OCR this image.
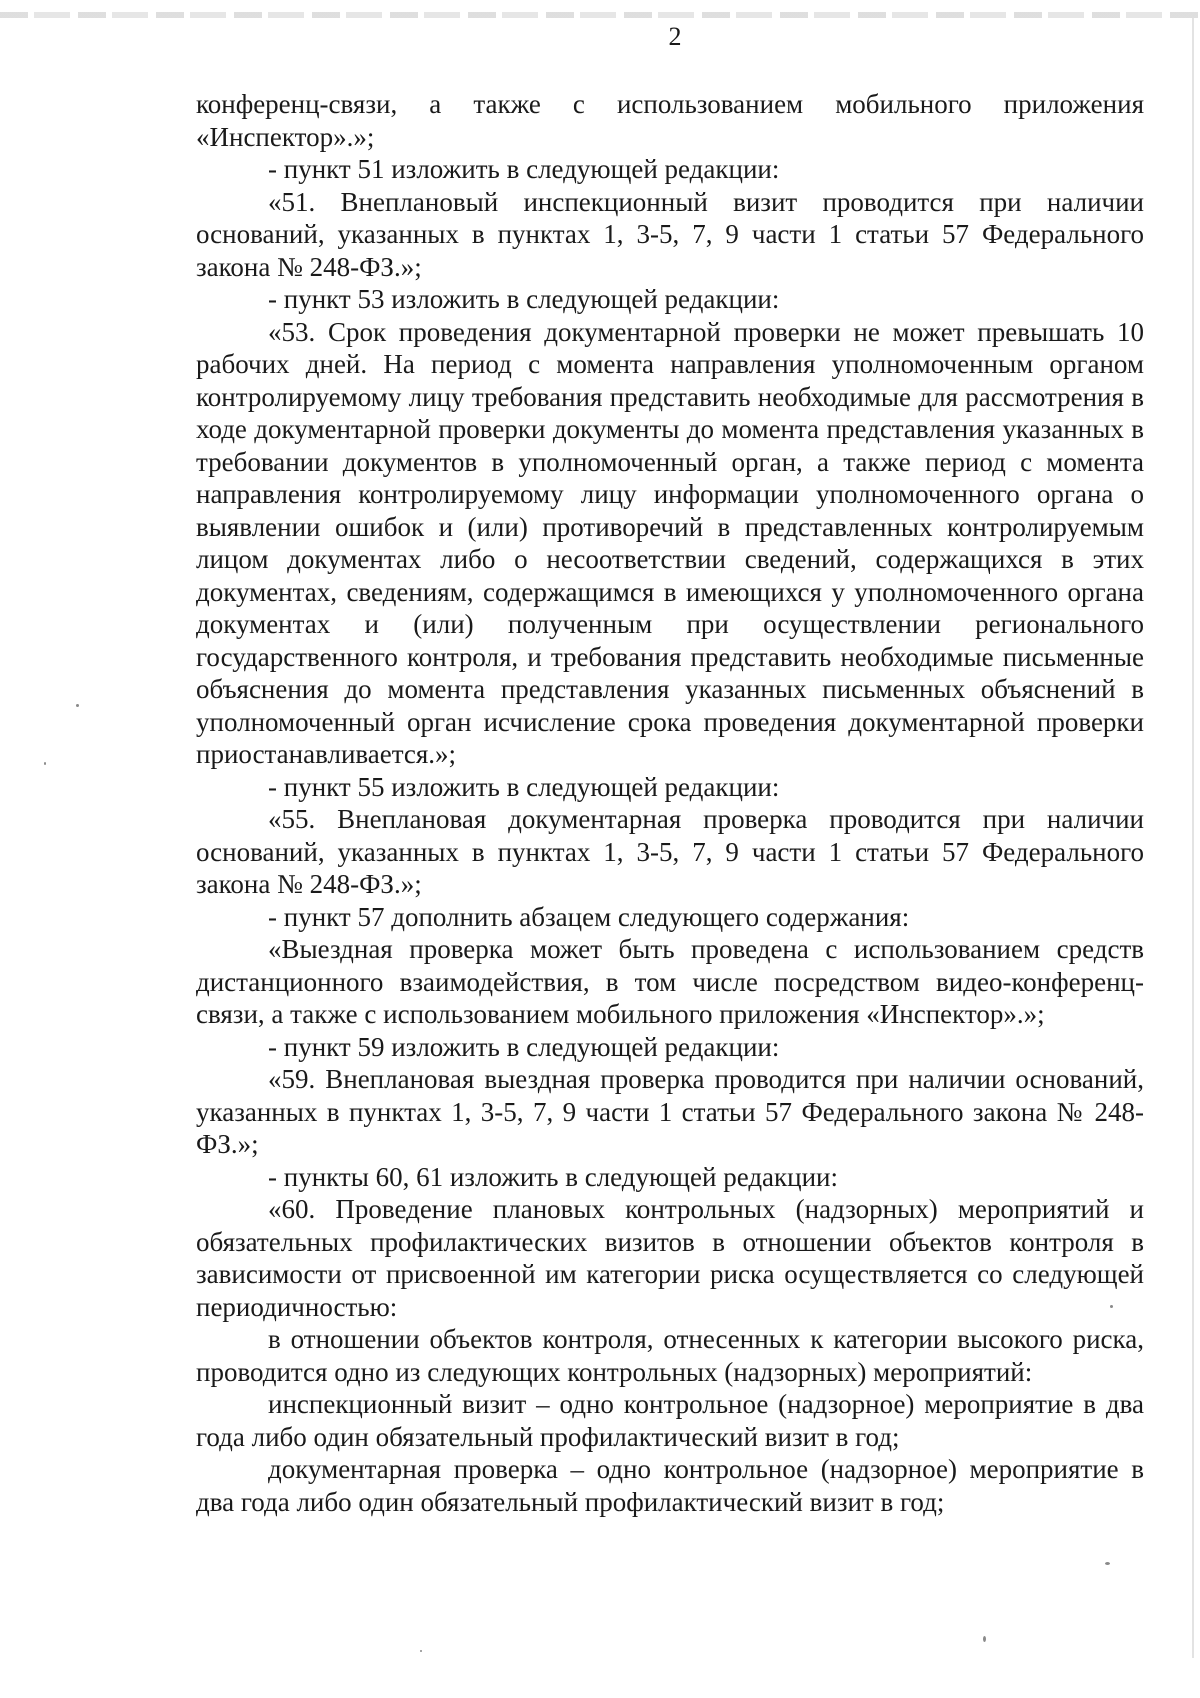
2

конференц-связи, а также с использованием мобильного приложения «Инспектор».»;

- пункт 51 изложить в следующей редакции:

«51. Внеплановый инспекционный визит проводится при наличии оснований, указанных в пунктах 1, 3-5, 7, 9 части 1 статьи 57 Федерального закона № 248-ФЗ.»;

- пункт 53 изложить в следующей редакции:

«53. Срок проведения документарной проверки не может превышать 10 рабочих дней. На период с момента направления уполномоченным органом контролируемому лицу требования представить необходимые для рассмотрения в ходе документарной проверки документы до момента представления указанных в требовании документов в уполномоченный орган, а также период с момента направления контролируемому лицу информации уполномоченного органа о выявлении ошибок и (или) противоречий в представленных контролируемым лицом документах либо о несоответствии сведений, содержащихся в этих документах, сведениям, содержащимся в имеющихся у уполномоченного органа документах и (или) полученным при осуществлении регионального государственного контроля, и требования представить необходимые письменные объяснения до момента представления указанных письменных объяснений в уполномоченный орган исчисление срока проведения документарной проверки приостанавливается.»;

- пункт 55 изложить в следующей редакции:

«55. Внеплановая документарная проверка проводится при наличии оснований, указанных в пунктах 1, 3-5, 7, 9 части 1 статьи 57 Федерального закона № 248-ФЗ.»;

- пункт 57 дополнить абзацем следующего содержания:

«Выездная проверка может быть проведена с использованием средств дистанционного взаимодействия, в том числе посредством видео-конференц-связи, а также с использованием мобильного приложения «Инспектор».»;

- пункт 59 изложить в следующей редакции:

«59. Внеплановая выездная проверка проводится при наличии оснований, указанных в пунктах 1, 3-5, 7, 9 части 1 статьи 57 Федерального закона № 248-ФЗ.»;

- пункты 60, 61 изложить в следующей редакции:

«60. Проведение плановых контрольных (надзорных) мероприятий и обязательных профилактических визитов в отношении объектов контроля в зависимости от присвоенной им категории риска осуществляется со следующей периодичностью:

в отношении объектов контроля, отнесенных к категории высокого риска, проводится одно из следующих контрольных (надзорных) мероприятий:

инспекционный визит – одно контрольное (надзорное) мероприятие в два года либо один обязательный профилактический визит в год;

документарная проверка – одно контрольное (надзорное) мероприятие в два года либо один обязательный профилактический визит в год;
